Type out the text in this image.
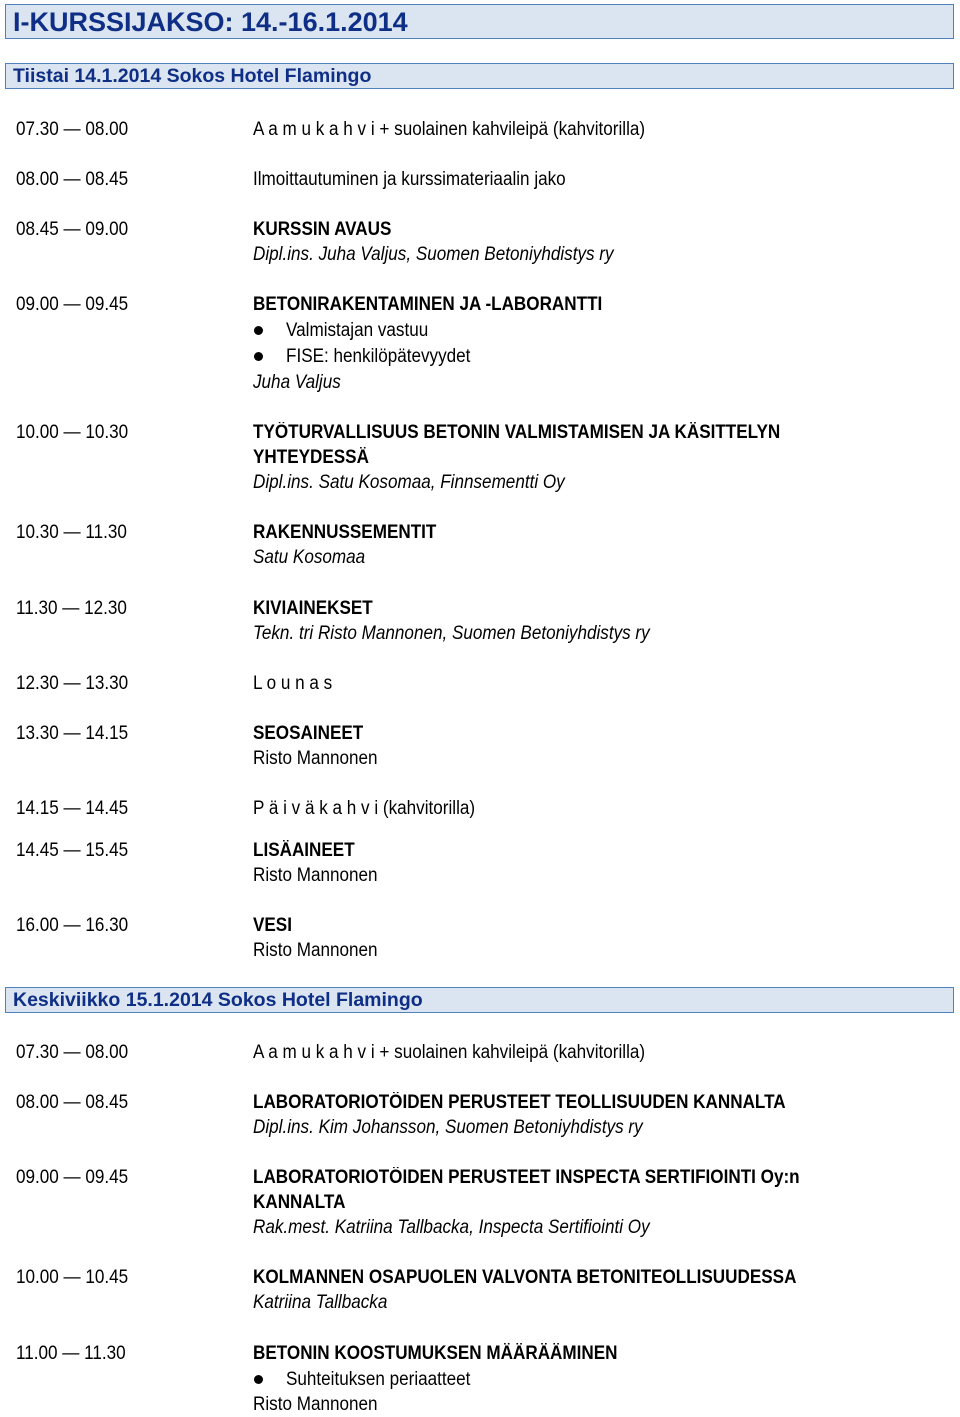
I-KURSSIJAKSO: 14.-16.1.2014
Tiistai 14.1.2014 Sokos Hotel Flamingo
07.30 — 08.00	A a m u k a h v i + suolainen kahvileipä (kahvitorilla)
08.00 — 08.45	Ilmoittautuminen ja kurssimateriaalin jako
08.45 — 09.00	KURSSIN AVAUS
Dipl.ins. Juha Valjus, Suomen Betoniyhdistys ry
09.00 — 09.45	BETONIRAKENTAMINEN JA -LABORANTTI
Valmistajan vastuu
FISE: henkilöpätevyydet
Juha Valjus
10.00 — 10.30	TYÖTURVALLISUUS BETONIN VALMISTAMISEN JA KÄSITTELYN
YHTEYDESSÄ
Dipl.ins. Satu Kosomaa, Finnsementti Oy
10.30 — 11.30	RAKENNUSSEMENTIT
Satu Kosomaa
11.30 — 12.30	KIVIAINEKSET
Tekn. tri Risto Mannonen, Suomen Betoniyhdistys ry
12.30 — 13.30	L o u n a s
13.30 — 14.15	SEOSAINEET
Risto Mannonen
14.15 — 14.45	P ä i v ä k a h v i (kahvitorilla)
14.45 — 15.45	LISÄAINEET
Risto Mannonen
16.00 — 16.30	VESI
Risto Mannonen
Keskiviikko 15.1.2014 Sokos Hotel Flamingo
07.30 — 08.00	A a m u k a h v i + suolainen kahvileipä (kahvitorilla)
08.00 — 08.45	LABORATORIOTÖIDEN PERUSTEET TEOLLISUUDEN KANNALTA
Dipl.ins. Kim Johansson, Suomen Betoniyhdistys ry
09.00 — 09.45	LABORATORIOTÖIDEN PERUSTEET INSPECTA SERTIFIOINTI Oy:n
KANNALTA
Rak.mest. Katriina Tallbacka, Inspecta Sertifiointi Oy
10.00 — 10.45	KOLMANNEN OSAPUOLEN VALVONTA BETONITEOLLISUUDESSA
Katriina Tallbacka
11.00 — 11.30	BETONIN KOOSTUMUKSEN MÄÄRÄÄMINEN
Suhteituksen periaatteet
Risto Mannonen
